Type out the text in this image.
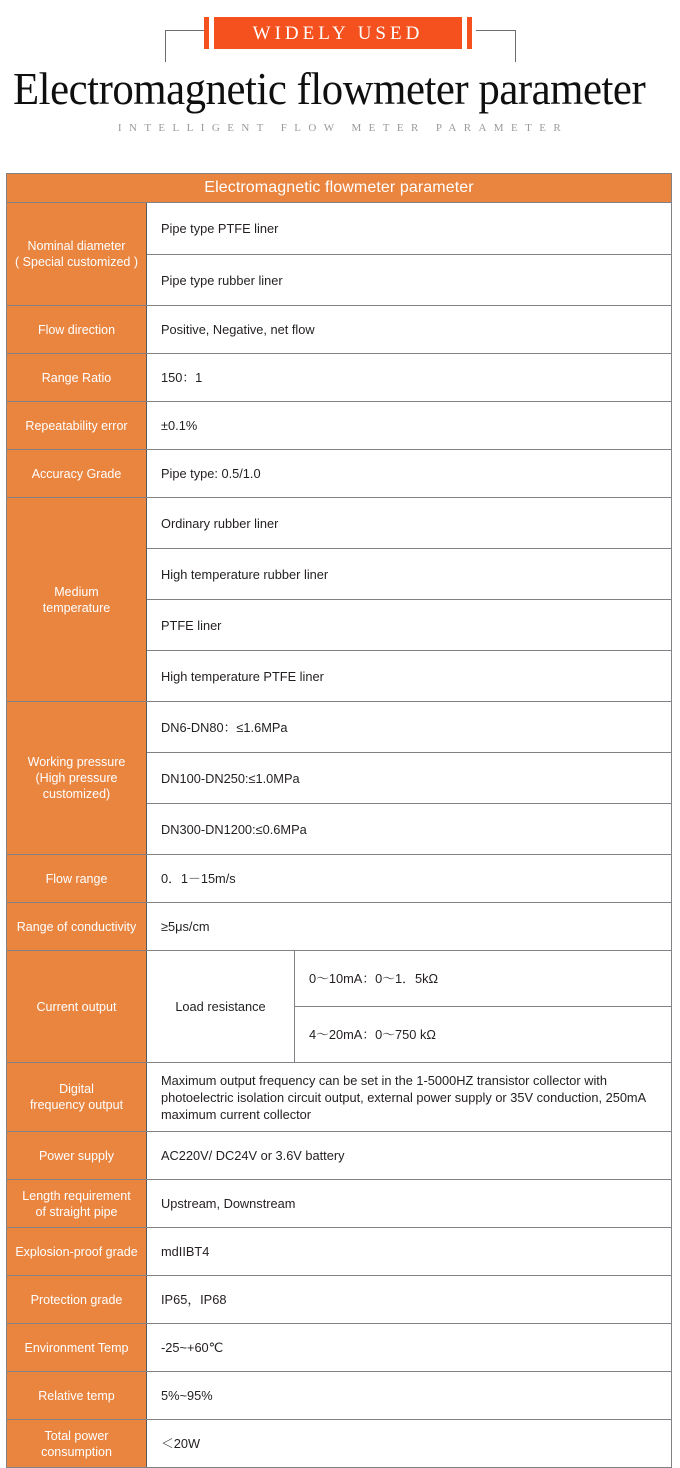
WIDELY USED
Electromagnetic flowmeter parameter
INTELLIGENT FLOW METER PARAMETER
Electromagnetic flowmeter parameter		

Nominal diameter
( Special customized )	Pipe type PTFE liner	
	Pipe type rubber liner	
Flow direction	Positive, Negative, net flow	
Range Ratio	150：1	
Repeatability error	±0.1%	
Accuracy Grade	Pipe type: 0.5/1.0	

Medium
temperature	Ordinary rubber liner	
	High temperature rubber liner	
	PTFE liner	
	High temperature PTFE liner	

Working pressure
(High pressure
customized)	DN6-DN80：≤1.6MPa	
	DN100-DN250:≤1.0MPa	
	DN300-DN1200:≤0.6MPa	
Flow range	0．1－15m/s	
Range of conductivity	≥5μs/cm	
Current output	Load resistance	0～10mA：0～1．5kΩ
		4～20mA：0～750 kΩ

Digital
frequency output	Maximum output frequency can be set in the 1-5000HZ transistor collector with photoelectric isolation circuit output, external power supply or 35V conduction, 250mA maximum current collector	
Power supply	AC220V/ DC24V or 3.6V battery	

Length requirement
of straight pipe	Upstream, Downstream	
Explosion-proof grade	mdIIBT4	
Protection grade	IP65，IP68	
Environment Temp	-25~+60℃	
Relative temp	5%~95%	

Total power
consumption	＜20W	
